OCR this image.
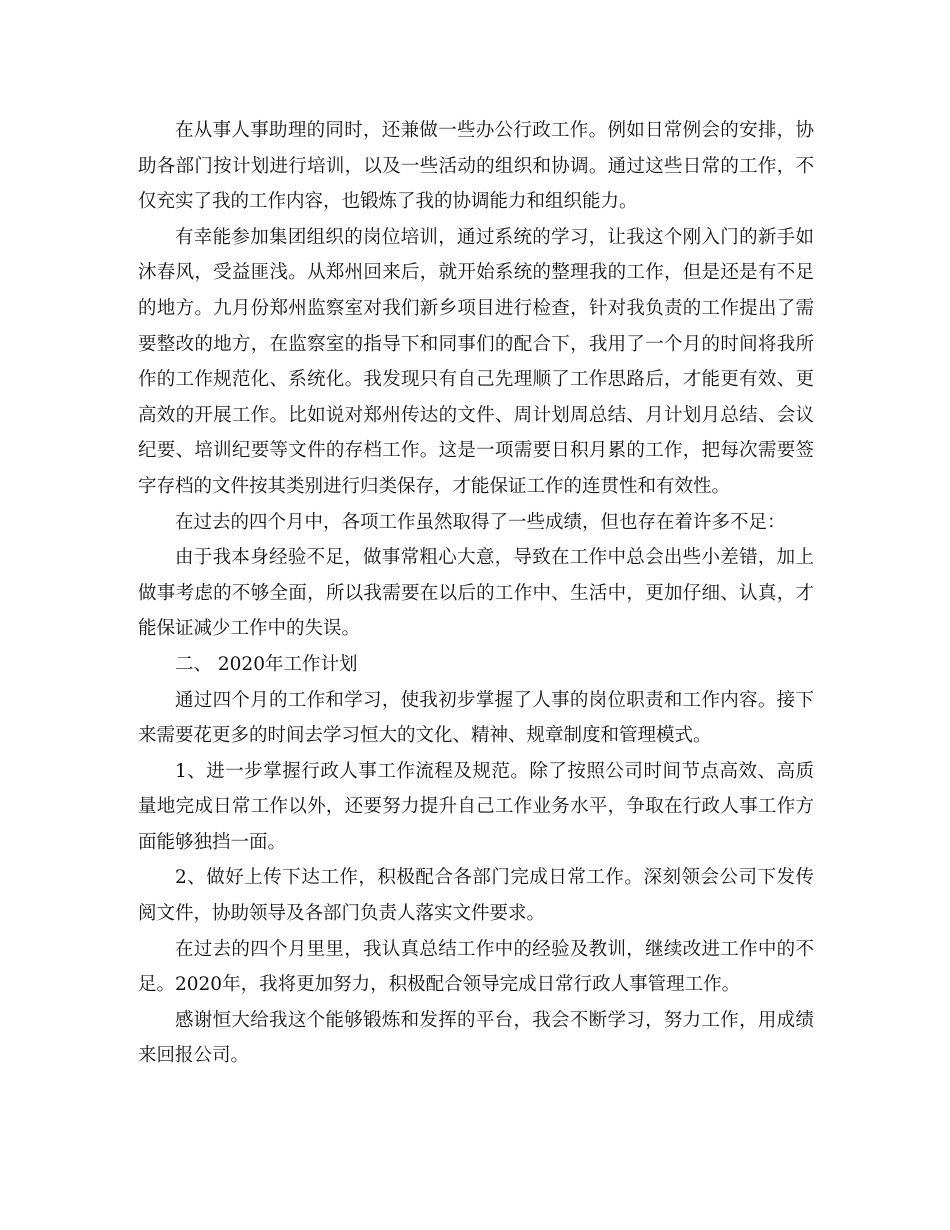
在从事人事助理的同时，还兼做一些办公行政工作。例如日常例会的安排，协助各部门按计划进行培训，以及一些活动的组织和协调。通过这些日常的工作，不仅充实了我的工作内容，也锻炼了我的协调能力和组织能力。

有幸能参加集团组织的岗位培训，通过系统的学习，让我这个刚入门的新手如沐春风，受益匪浅。从郑州回来后，就开始系统的整理我的工作，但是还是有不足的地方。九月份郑州监察室对我们新乡项目进行检查，针对我负责的工作提出了需要整改的地方，在监察室的指导下和同事们的配合下，我用了一个月的时间将我所作的工作规范化、系统化。我发现只有自己先理顺了工作思路后，才能更有效、更高效的开展工作。比如说对郑州传达的文件、周计划周总结、月计划月总结、会议纪要、培训纪要等文件的存档工作。这是一项需要日积月累的工作，把每次需要签字存档的文件按其类别进行归类保存，才能保证工作的连贯性和有效性。

在过去的四个月中，各项工作虽然取得了一些成绩，但也存在着许多不足：

由于我本身经验不足，做事常粗心大意，导致在工作中总会出些小差错，加上做事考虑的不够全面，所以我需要在以后的工作中、生活中，更加仔细、认真，才能保证减少工作中的失误。

二、 2020年工作计划

通过四个月的工作和学习，使我初步掌握了人事的岗位职责和工作内容。接下来需要花更多的时间去学习恒大的文化、精神、规章制度和管理模式。

1、进一步掌握行政人事工作流程及规范。除了按照公司时间节点高效、高质量地完成日常工作以外，还要努力提升自己工作业务水平，争取在行政人事工作方面能够独挡一面。

2、做好上传下达工作，积极配合各部门完成日常工作。深刻领会公司下发传阅文件，协助领导及各部门负责人落实文件要求。

在过去的四个月里里，我认真总结工作中的经验及教训，继续改进工作中的不足。2020年，我将更加努力，积极配合领导完成日常行政人事管理工作。

感谢恒大给我这个能够锻炼和发挥的平台，我会不断学习，努力工作，用成绩来回报公司。
